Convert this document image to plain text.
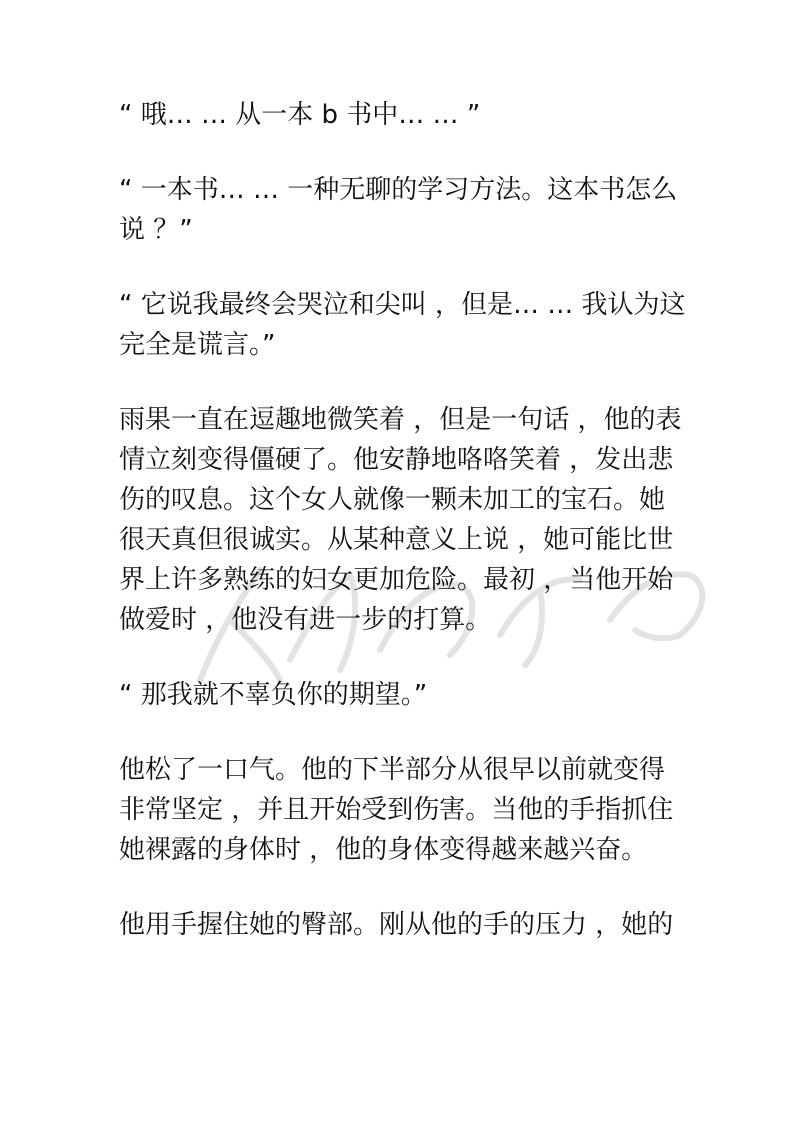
“ 哦… … 从一本 b 书中… … ”
“ 一本书… … 一种无聊的学习方法。这本书怎么
说 ？”
“ 它说我最终会哭泣和尖叫 ，但是… … 我认为这
完全是谎言。”
雨果一直在逗趣地微笑着 ，但是一句话 ，他的表
情立刻变得僵硬了。他安静地咯咯笑着 ，发出悲
伤的叹息。这个女人就像一颗未加工的宝石。她
很天真但很诚实。从某种意义上说 ，她可能比世
界上许多熟练的妇女更加危险。最初 ，当他开始
做爱时 ，他没有进一步的打算。
“ 那我就不辜负你的期望。”
他松了一口气。他的下半部分从很早以前就变得
非常坚定 ，并且开始受到伤害。当他的手指抓住
她裸露的身体时 ，他的身体变得越来越兴奋。
他用手握住她的臀部。刚从他的手的压力 ，她的
